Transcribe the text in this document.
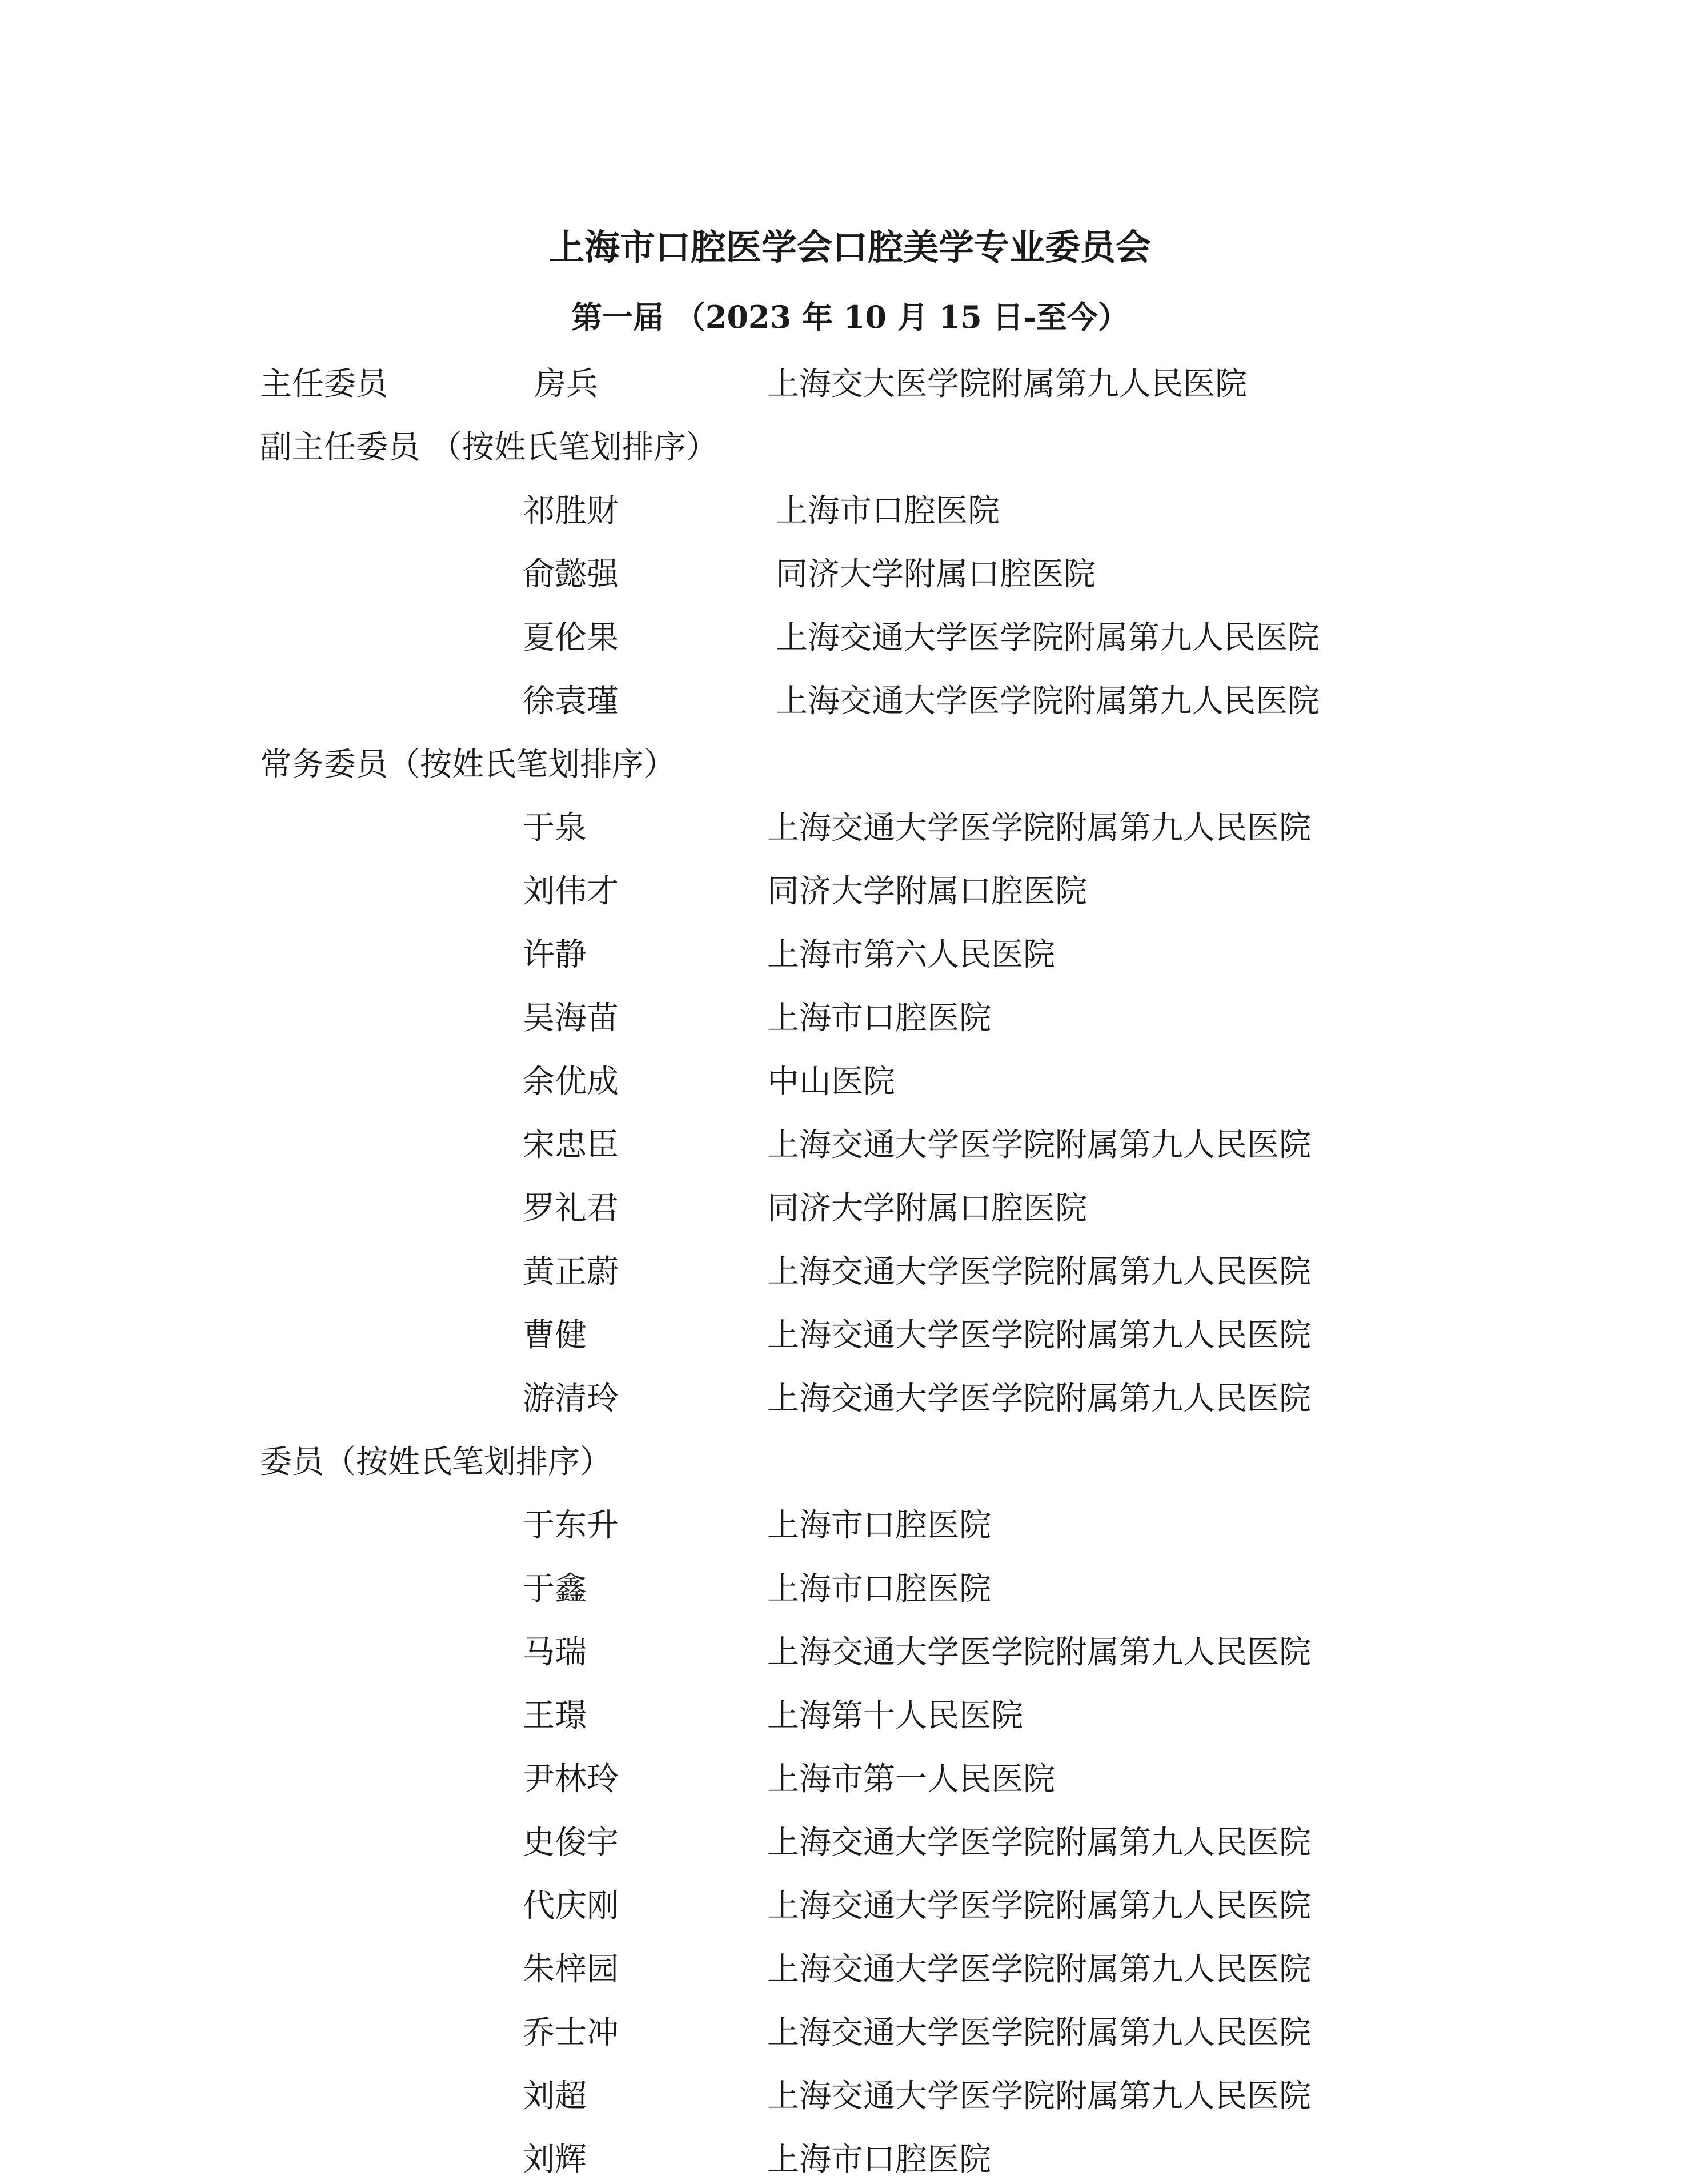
上海市口腔医学会口腔美学专业委员会
第一届 （2023 年 10 月 15 日-至今）
主任委员	房兵	上海交大医学院附属第九人民医院
副主任委员 （按姓氏笔划排序）
祁胜财	上海市口腔医院
俞懿强	同济大学附属口腔医院
夏伦果	上海交通大学医学院附属第九人民医院
徐袁瑾	上海交通大学医学院附属第九人民医院
常务委员（按姓氏笔划排序）
于泉	上海交通大学医学院附属第九人民医院
刘伟才	同济大学附属口腔医院
许静	上海市第六人民医院
吴海苗	上海市口腔医院
余优成	中山医院
宋忠臣	上海交通大学医学院附属第九人民医院
罗礼君	同济大学附属口腔医院
黄正蔚	上海交通大学医学院附属第九人民医院
曹健	上海交通大学医学院附属第九人民医院
游清玲	上海交通大学医学院附属第九人民医院
委员（按姓氏笔划排序）
于东升	上海市口腔医院
于鑫	上海市口腔医院
马瑞	上海交通大学医学院附属第九人民医院
王璟	上海第十人民医院
尹林玲	上海市第一人民医院
史俊宇	上海交通大学医学院附属第九人民医院
代庆刚	上海交通大学医学院附属第九人民医院
朱梓园	上海交通大学医学院附属第九人民医院
乔士冲	上海交通大学医学院附属第九人民医院
刘超	上海交通大学医学院附属第九人民医院
刘辉	上海市口腔医院
